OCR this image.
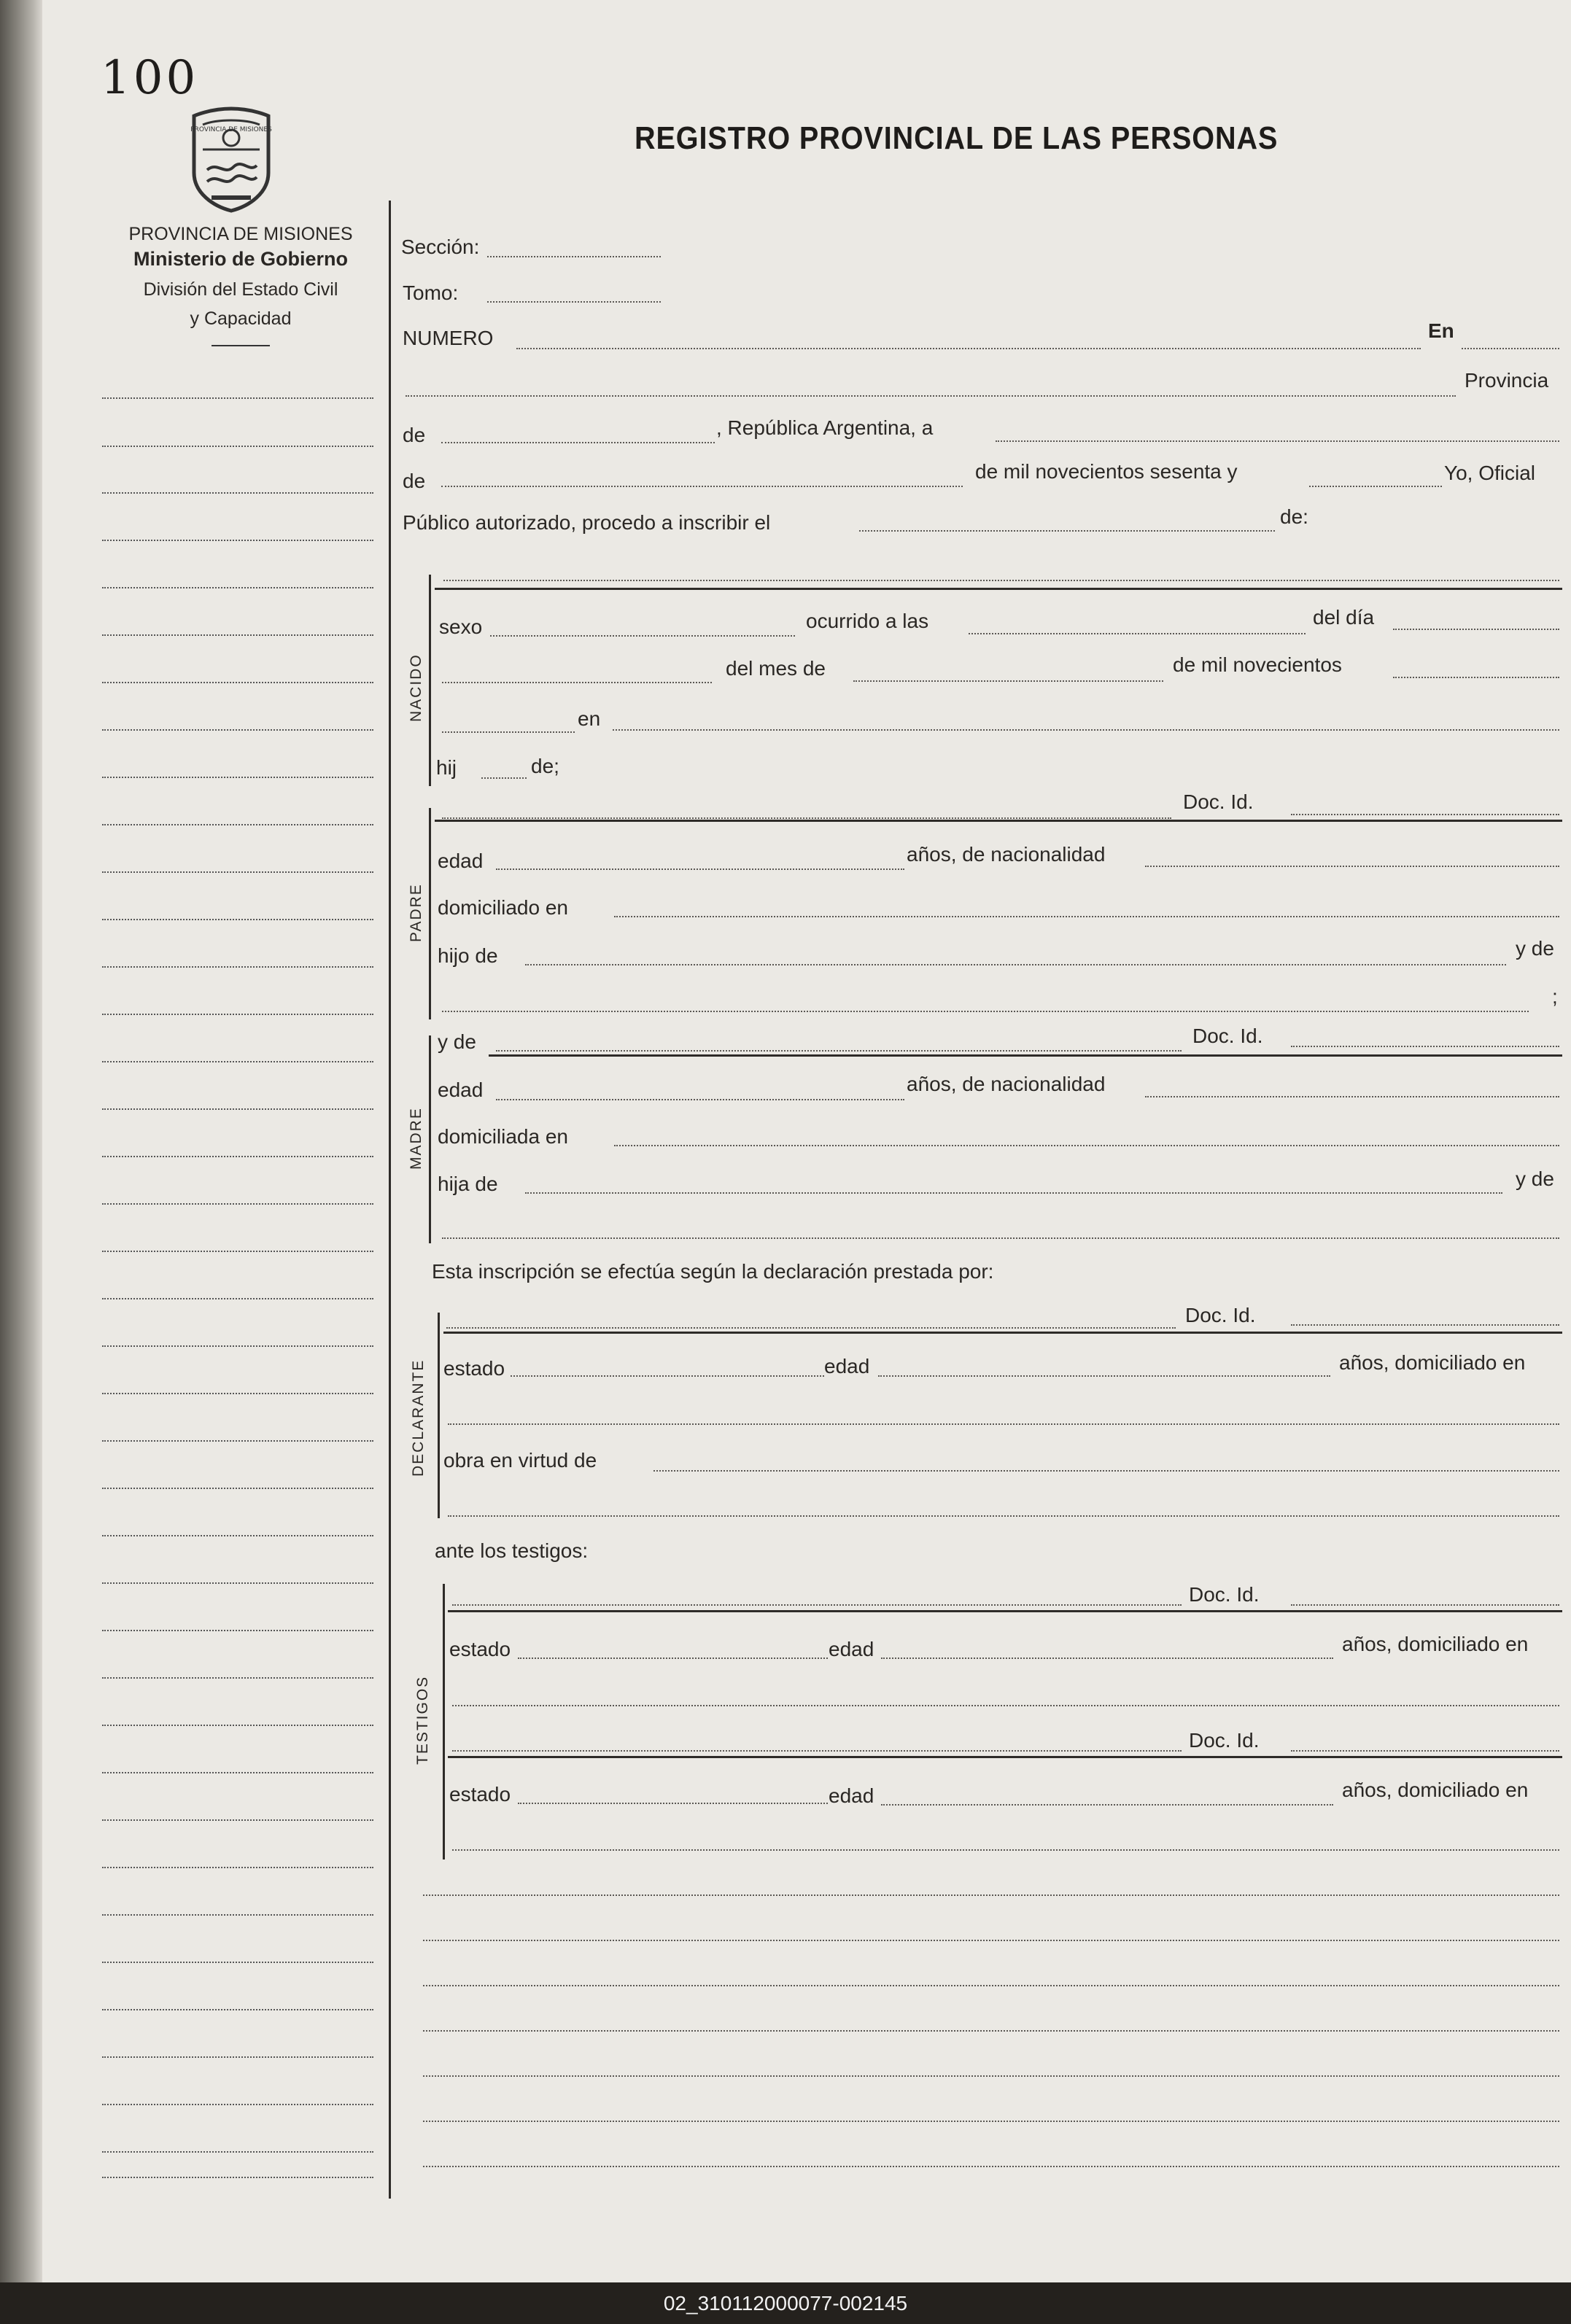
100
PROVINCIA DE MISIONES
PROVINCIA DE MISIONES
Ministerio de Gobierno
División del Estado Civil
y Capacidad
REGISTRO PROVINCIAL DE LAS PERSONAS
Sección:
Tomo:
NUMERO	En
Provincia
de	, República Argentina, a
de	de mil novecientos sesenta y	Yo, Oficial
Público autorizado, procedo a inscribir el	de:
NACIDO
sexo	ocurrido a las	del día
del mes de	de mil novecientos
en
hij	de;
Doc. Id.
PADRE
edad	años, de nacionalidad
domiciliado en
hijo de	y de
;
y de	Doc. Id.
MADRE
edad	años, de nacionalidad
domiciliada en
hija de	y de
Esta inscripción se efectúa según la declaración prestada por:
Doc. Id.
DECLARANTE estado	edad	años, domiciliado en
obra en virtud de
ante los testigos:
Doc. Id.
TESTIGOS
estado	edad	años, domiciliado en
Doc. Id.
estado	edad	años, domiciliado en
02_310112000077-002145
